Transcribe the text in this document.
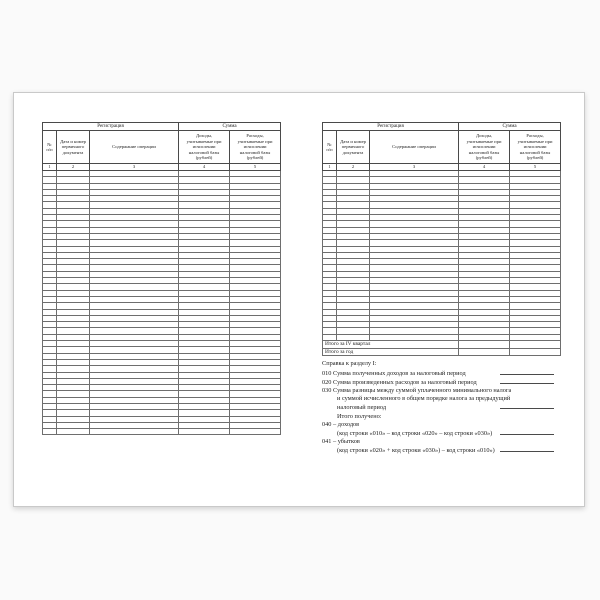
Регистрация			Сумма	
№ п/п	Дата и номер первичного документа	Содержание операции	Доходы, учитываемые при исчислении налоговой базы (рублей)	Расходы, учитываемые при исчислении налоговой базы (рублей)
1	2	3	4	5

Регистрация			Сумма	
№ п/п	Дата и номер первичного документа	Содержание операции	Доходы, учитываемые при исчислении налоговой базы (рублей)	Расходы, учитываемые при исчислении налоговой базы (рублей)
1	2	3	4	5

Итого за IV квартал				
Итого за год				
Справка к разделу I:
010 Сумма полученных доходов за налоговый период
020 Сумма произведенных расходов за налоговый период
030 Сумма разницы между суммой уплаченного минимального налога
и суммой исчисленного в общем порядке налога за предыдущий
налоговый период
Итого получено:
040 – доходов
(код строки «010» – код строки «020» – код строки «030»)
041 – убытков
(код строки «020» + код строки «030») – код строки «010»)
